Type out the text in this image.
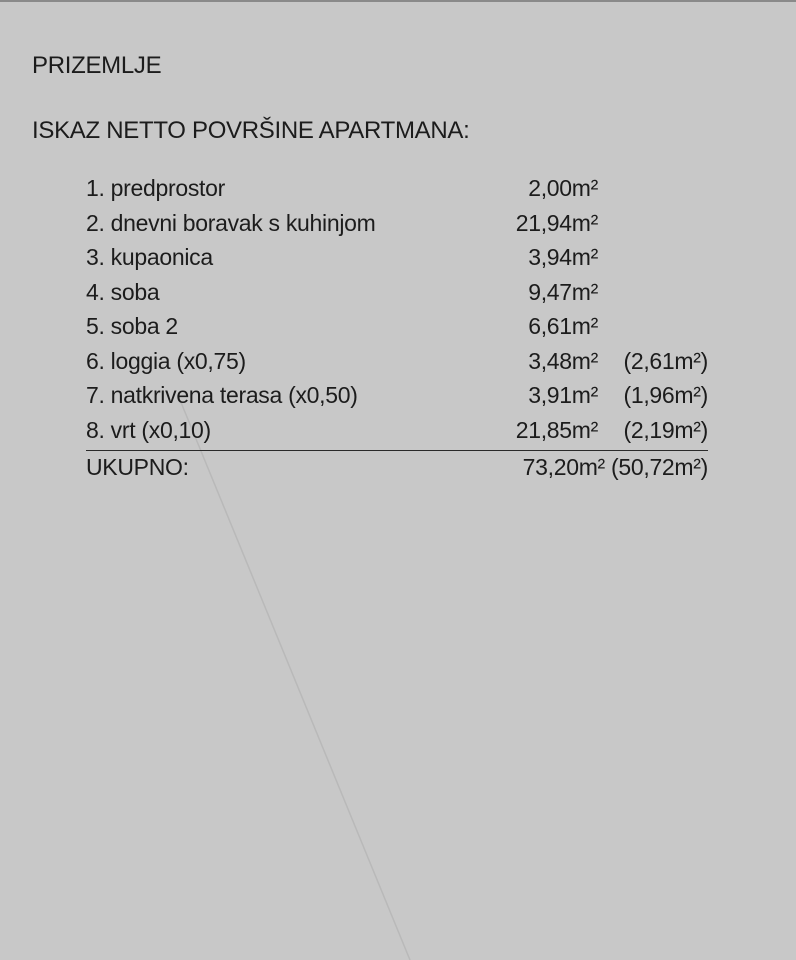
PRIZEMLJE
ISKAZ NETTO POVRŠINE APARTMANA:
1. predprostor	2,00m²
2. dnevni boravak s kuhinjom	21,94m²
3. kupaonica	3,94m²
4. soba	9,47m²
5. soba 2	6,61m²
6. loggia (x0,75)	3,48m² (2,61m²)
7. natkrivena terasa (x0,50)	3,91m² (1,96m²)
8. vrt (x0,10)	21,85m² (2,19m²)
UKUPNO:	73,20m² (50,72m²)
